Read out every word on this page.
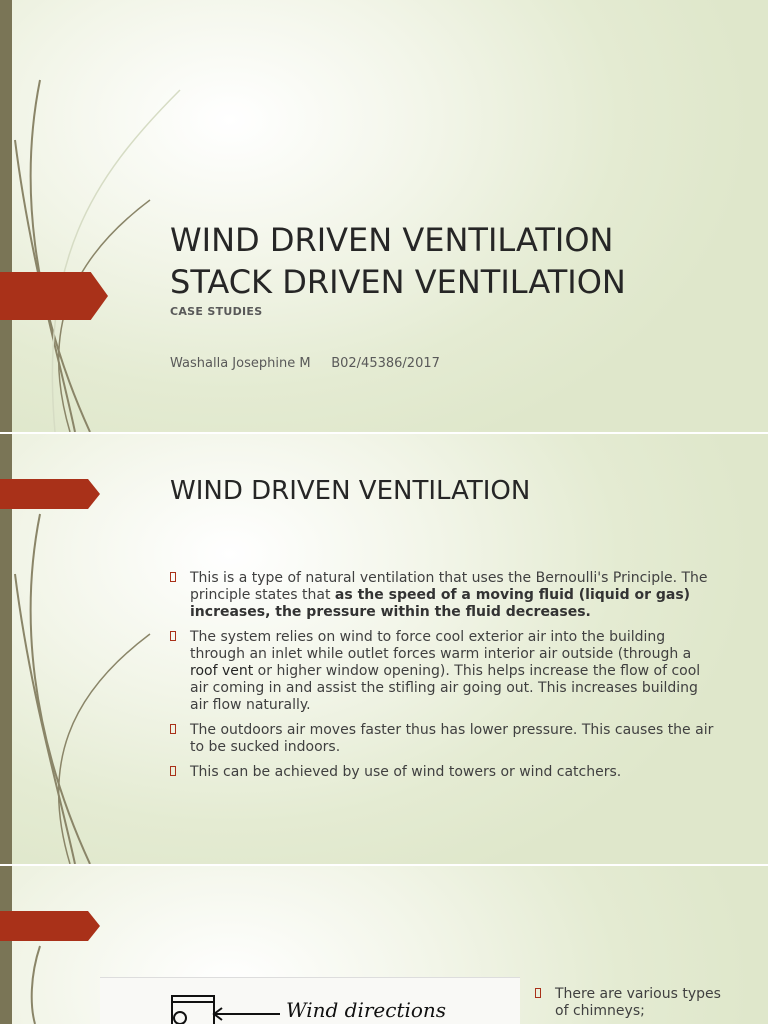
WIND DRIVEN VENTILATION
STACK DRIVEN VENTILATION
CASE STUDIES
Washalla Josephine M B02/45386/2017
WIND DRIVEN VENTILATION
This is a type of natural ventilation that uses the Bernoulli's Principle. The principle states that as the speed of a moving fluid (liquid or gas) increases, the pressure within the fluid decreases.
The system relies on wind to force cool exterior air into the building through an inlet while outlet forces warm interior air outside (through a roof vent or higher window opening). This helps increase the flow of cool air coming in and assist the stifling air going out. This increases building air flow naturally.
The outdoors air moves faster thus has lower pressure. This causes the air to be sucked indoors.
This can be achieved by use of wind towers or wind catchers.
Wind directions
There are various types of chimneys;
